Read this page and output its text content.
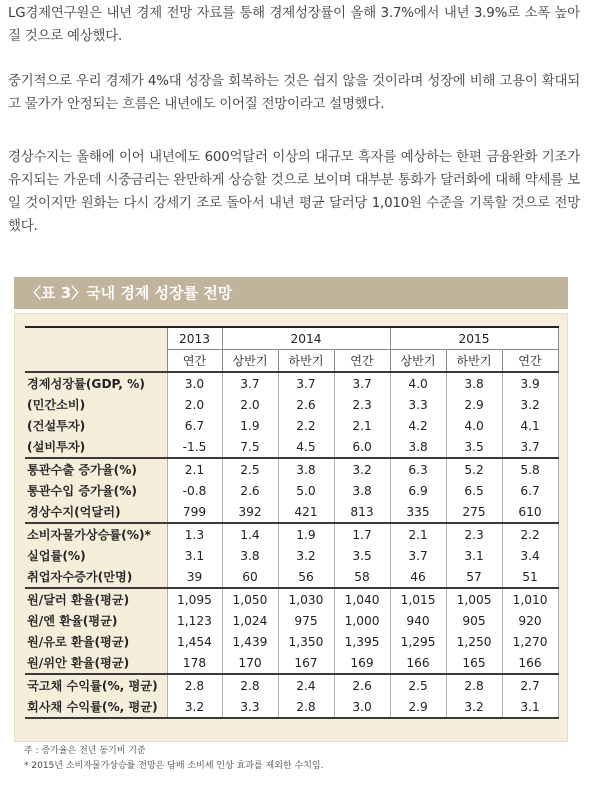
LG경제연구원은 내년 경제 전망 자료를 통해 경제성장률이 올해 3.7%에서 내년 3.9%로 소폭 높아질 것으로 예상했다.

중기적으로 우리 경제가 4%대 성장을 회복하는 것은 쉽지 않을 것이라며 성장에 비해 고용이 확대되고 물가가 안정되는 흐름은 내년에도 이어질 전망이라고 설명했다.

경상수지는 올해에 이어 내년에도 600억달러 이상의 대규모 흑자를 예상하는 한편 금융완화 기조가 유지되는 가운데 시중금리는 완만하게 상승할 것으로 보이며 대부분 통화가 달러화에 대해 약세를 보일 것이지만 원화는 다시 강세기 조로 돌아서 내년 평균 달러당 1,010원 수준을 기록할 것으로 전망했다.

〈표 3〉국내 경제 성장률 전망
	2013	2014			2015		
	연간	상반기	하반기	연간	상반기	하반기	연간
경제성장률(GDP, %)	3.0	3.7	3.7	3.7	4.0	3.8	3.9
(민간소비)	2.0	2.0	2.6	2.3	3.3	2.9	3.2
(건설투자)	6.7	1.9	2.2	2.1	4.2	4.0	4.1
(설비투자)	-1.5	7.5	4.5	6.0	3.8	3.5	3.7
통관수출 증가율(%)	2.1	2.5	3.8	3.2	6.3	5.2	5.8
통관수입 증가율(%)	-0.8	2.6	5.0	3.8	6.9	6.5	6.7
경상수지(억달러)	799	392	421	813	335	275	610
소비자물가상승률(%)*	1.3	1.4	1.9	1.7	2.1	2.3	2.2
실업률(%)	3.1	3.8	3.2	3.5	3.7	3.1	3.4
취업자수증가(만명)	39	60	56	58	46	57	51
원/달러 환율(평균)	1,095	1,050	1,030	1,040	1,015	1,005	1,010
원/엔 환율(평균)	1,123	1,024	975	1,000	940	905	920
원/유로 환율(평균)	1,454	1,439	1,350	1,395	1,295	1,250	1,270
원/위안 환율(평균)	178	170	167	169	166	165	166
국고채 수익률(%, 평균)	2.8	2.8	2.4	2.6	2.5	2.8	2.7
회사채 수익률(%, 평균)	3.2	3.3	2.8	3.0	2.9	3.2	3.1
주 : 증가율은 전년 동기비 기준
* 2015년 소비자물가상승률 전망은 담배 소비세 인상 효과를 제외한 수치임.
